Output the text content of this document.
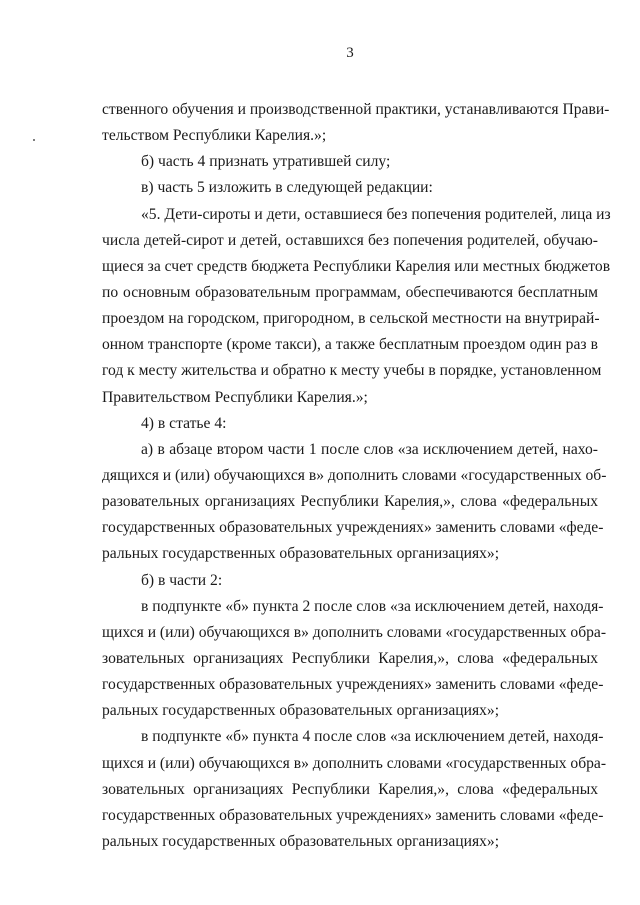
3
ственного обучения и производственной практики, устанавливаются Прави-
тельством Республики Карелия.»;
б) часть 4 признать утратившей силу;
в) часть 5 изложить в следующей редакции:
«5. Дети-сироты и дети, оставшиеся без попечения родителей, лица из
числа детей-сирот и детей, оставшихся без попечения родителей, обучаю-
щиеся за счет средств бюджета Республики Карелия или местных бюджетов
по основным образовательным программам, обеспечиваются бесплатным
проездом на городском, пригородном, в сельской местности на внутрирай-
онном транспорте (кроме такси), а также бесплатным проездом один раз в
год к месту жительства и обратно к месту учебы в порядке, установленном
Правительством Республики Карелия.»;
4) в статье 4:
а) в абзаце втором части 1 после слов «за исключением детей, нахо-
дящихся и (или) обучающихся в» дополнить словами «государственных об-
разовательных организациях Республики Карелия,», слова «федеральных
государственных образовательных учреждениях» заменить словами «феде-
ральных государственных образовательных организациях»;
б) в части 2:
в подпункте «б» пункта 2 после слов «за исключением детей, находя-
щихся и (или) обучающихся в» дополнить словами «государственных обра-
зовательных организациях Республики Карелия,», слова «федеральных
государственных образовательных учреждениях» заменить словами «феде-
ральных государственных образовательных организациях»;
в подпункте «б» пункта 4 после слов «за исключением детей, находя-
щихся и (или) обучающихся в» дополнить словами «государственных обра-
зовательных организациях Республики Карелия,», слова «федеральных
государственных образовательных учреждениях» заменить словами «феде-
ральных государственных образовательных организациях»;
